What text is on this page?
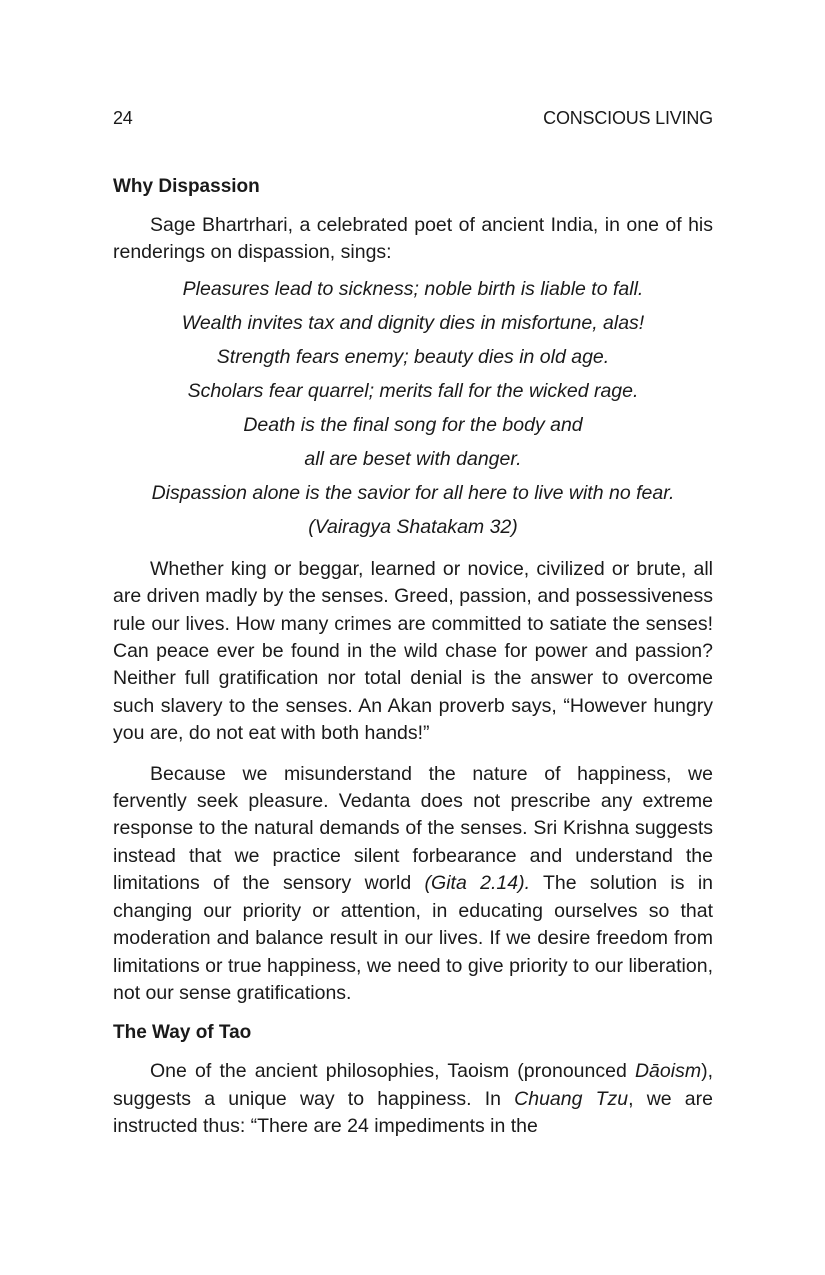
24	CONSCIOUS LIVING
Why Dispassion

Sage Bhartrhari, a celebrated poet of ancient India, in one of his renderings on dispassion, sings:

Pleasures lead to sickness; noble birth is liable to fall.
Wealth invites tax and dignity dies in misfortune, alas!
Strength fears enemy; beauty dies in old age.
Scholars fear quarrel; merits fall for the wicked rage.
Death is the final song for the body and
all are beset with danger.
Dispassion alone is the savior for all here to live with no fear.
(Vairagya Shatakam 32)

Whether king or beggar, learned or novice, civilized or brute, all are driven madly by the senses. Greed, passion, and possessiveness rule our lives. How many crimes are committed to satiate the senses! Can peace ever be found in the wild chase for power and passion? Neither full gratification nor total denial is the answer to overcome such slavery to the senses. An Akan proverb says, “However hungry you are, do not eat with both hands!”

Because we misunderstand the nature of happiness, we fervently seek pleasure. Vedanta does not prescribe any extreme response to the natural demands of the senses. Sri Krishna suggests instead that we practice silent forbearance and understand the limitations of the sensory world (Gita 2.14). The solution is in changing our priority or attention, in educating ourselves so that moderation and balance result in our lives. If we desire freedom from limitations or true happiness, we need to give priority to our liberation, not our sense gratifications.

The Way of Tao

One of the ancient philosophies, Taoism (pronounced Dāoism), suggests a unique way to happiness. In Chuang Tzu, we are instructed thus: “There are 24 impediments in the
